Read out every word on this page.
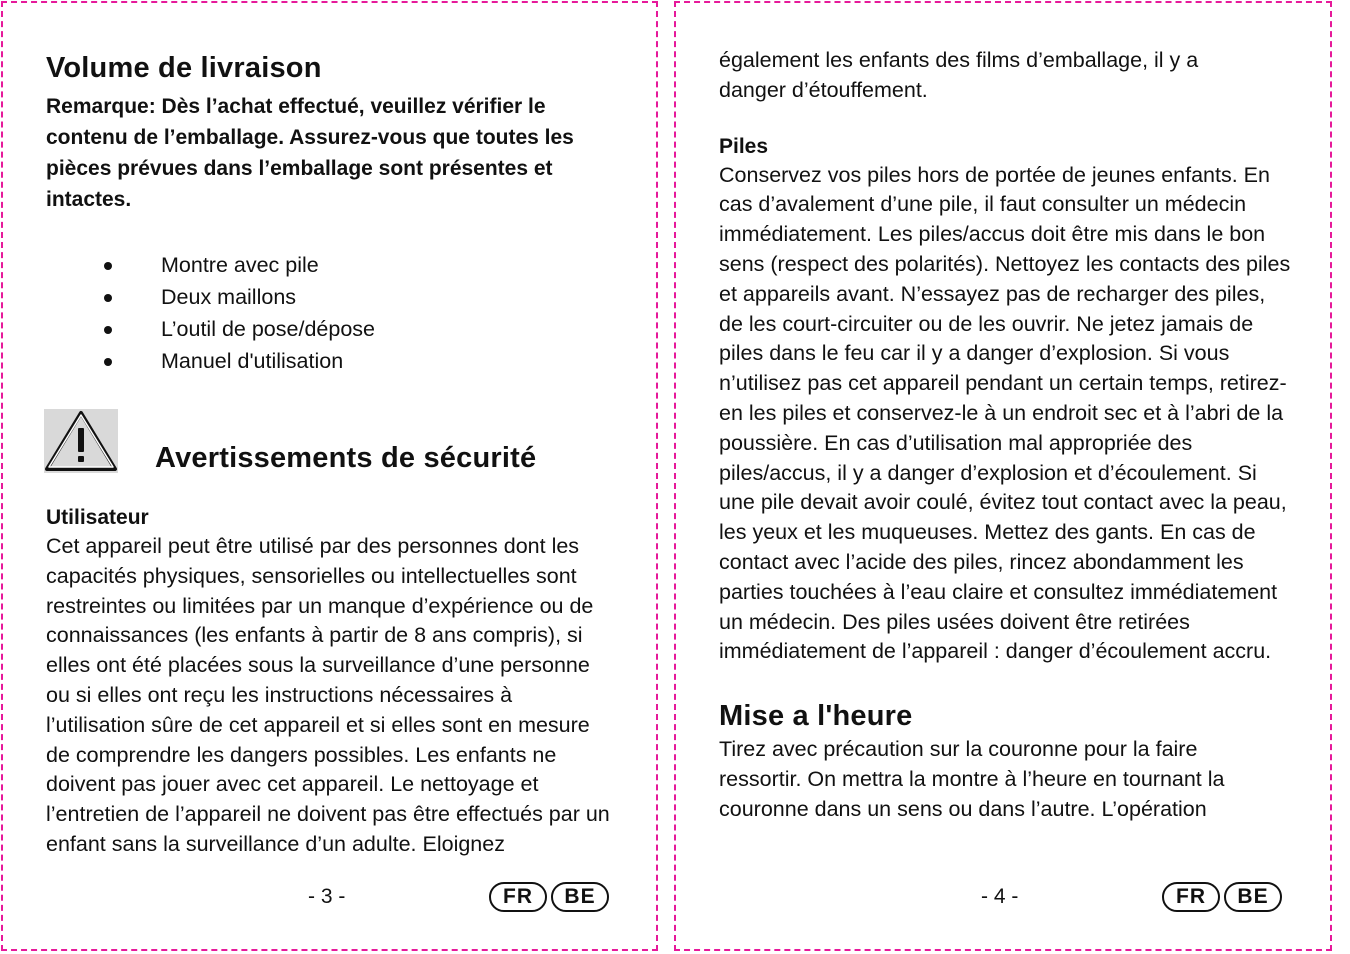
Volume de livraison

Remarque: Dès l’achat effectué, veuillez vérifier le contenu de l’emballage. Assurez-vous que toutes les pièces prévues dans l’emballage sont présentes et intactes.

Montre avec pile
Deux maillons
L’outil de pose/dépose
Manuel d'utilisation
Avertissements de sécurité

Utilisateur

Cet appareil peut être utilisé par des personnes dont les capacités physiques, sensorielles ou intellectuelles sont restreintes ou limitées par un manque d’expérience ou de connaissances (les enfants à partir de 8 ans compris), si elles ont été placées sous la surveillance d’une personne ou si elles ont reçu les instructions nécessaires à l’utilisation sûre de cet appareil et si elles sont en mesure de comprendre les dangers possibles. Les enfants ne doivent pas jouer avec cet appareil. Le nettoyage et l’entretien de l’appareil ne doivent pas être effectués par un enfant sans la surveillance d’un adulte. Eloignez

- 3 -	FR	BE

également les enfants des films d’emballage, il y a danger d’étouffement.

Piles

Conservez vos piles hors de portée de jeunes enfants. En cas d’avalement d’une pile, il faut consulter un médecin immédiatement. Les piles/accus doit être mis dans le bon sens (respect des polarités). Nettoyez les contacts des piles et appareils avant. N’essayez pas de recharger des piles, de les court-circuiter ou de les ouvrir. Ne jetez jamais de piles dans le feu car il y a danger d’explosion. Si vous n’utilisez pas cet appareil pendant un certain temps, retirez-en les piles et conservez-le à un endroit sec et à l’abri de la poussière. En cas d’utilisation mal appropriée des piles/accus, il y a danger d’explosion et d’écoulement. Si une pile devait avoir coulé, évitez tout contact avec la peau, les yeux et les muqueuses. Mettez des gants. En cas de contact avec l’acide des piles, rincez abondamment les parties touchées à l’eau claire et consultez immédiatement un médecin. Des piles usées doivent être retirées immédiatement de l’appareil : danger d’écoulement accru.

Mise a l'heure

Tirez avec précaution sur la couronne pour la faire ressortir. On mettra la montre à l’heure en tournant la couronne dans un sens ou dans l’autre. L’opération

- 4 -	FR	BE
